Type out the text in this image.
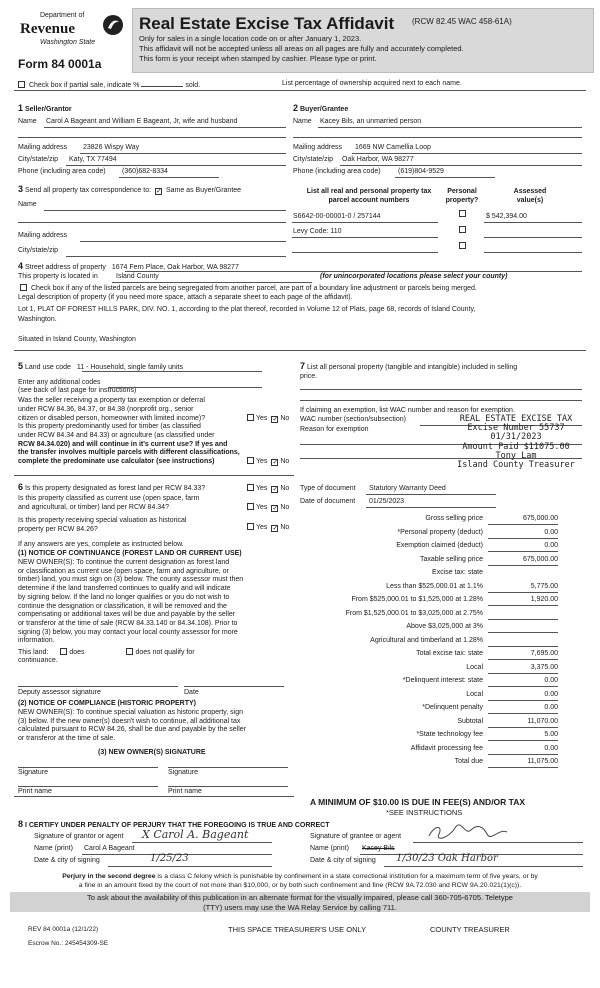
Department of
Revenue
Washington State
Form 84 0001a
Real Estate Excise Tax Affidavit (RCW 82.45 WAC 458-61A)
Only for sales in a single location code on or after January 1, 2023.
This affidavit will not be accepted unless all areas on all pages are fully and accurately completed.
This form is your receipt when stamped by cashier. Please type or print.
Check box if partial sale, indicate %	sold.	List percentage of ownership acquired next to each name.
1 Seller/Grantor
Name Carol A Bageant and William E Bageant, Jr, wife and husband
Mailing address 23826 Wispy Way
City/state/zip Katy, TX 77494
Phone (including area code) (360)682-8334
2 Buyer/Grantee
Name Kacey Bils, an unmarried person
Mailing address 1669 NW Camellia Loop
City/state/zip Oak Harbor, WA 98277
Phone (including area code) (619)804-9529
3 Send all property tax correspondence to: ✓ Same as Buyer/Grantee
Name
Mailing address
City/state/zip
List all real and personal property tax
parcel account numbers
Personal
property?
Assessed
value(s)
S6642-00-00001-0 / 257144	$ 542,394.00
Levy Code: 110
4 Street address of property 1674 Fern Place, Oak Harbor, WA 98277
This property is located in	Island County	(for unincorporated locations please select your county)
Check box if any of the listed parcels are being segregated from another parcel, are part of a boundary line adjustment or parcels being merged.
Legal description of property (if you need more space, attach a separate sheet to each page of the affidavit).
Lot 1, PLAT OF FOREST HILLS PARK, DIV. NO. 1, according to the plat thereof, recorded in Volume 12 of Plats, page 68, records of Island County,
Washington.
Situated in Island County, Washington
5 Land use code 11 - Household, single family units
Enter any additional codes
(see back of last page for instructions)
Was the seller receiving a property tax exemption or deferral
under RCW 84.36, 84.37, or 84.38 (nonprofit org., senior
citizen or disabled person, homeowner with limited income)?	Yes ✓ No
Is this property predominantly used for timber (as classified
under RCW 84.34 and 84.33) or agriculture (as classified under
RCW 84.34.020) and will continue in it's current use? If yes and
the transfer involves multiple parcels with different classifications,
complete the predominate use calculator (see instructions)	Yes ✓ No
6 Is this property designated as forest land per RCW 84.33?	Yes ✓ No
Is this property classified as current use (open space, farm
and agricultural, or timber) land per RCW 84.34?	Yes ✓ No
Is this property receiving special valuation as historical
property per RCW 84.26?	Yes ✓ No
If any answers are yes, complete as instructed below.
(1) NOTICE OF CONTINUANCE (FOREST LAND OR CURRENT USE)
NEW OWNER(S): To continue the current designation as forest land
or classification as current use (open space, farm and agriculture, or
timber) land, you must sign on (3) below. The county assessor must then
determine if the land transferred continues to qualify and will indicate
by signing below. If the land no longer qualifies or you do not wish to
continue the designation or classification, it will be removed and the
compensating or additional taxes will be due and payable by the seller
or transferor at the time of sale (RCW 84.33.140 or 84.34.108). Prior to
signing (3) below, you may contact your local county assessor for more
information.
This land:	does	does not qualify for
continuance.
Deputy assessor signature	Date
(2) NOTICE OF COMPLIANCE (HISTORIC PROPERTY)
NEW OWNER(S): To continue special valuation as historic property, sign
(3) below. If the new owner(s) doesn't wish to continue, all additional tax
calculated pursuant to RCW 84.26, shall be due and payable by the seller
or transferor at the time of sale.
(3) NEW OWNER(S) SIGNATURE
Signature	Signature
Print name	Print name
7 List all personal property (tangible and intangible) included in selling
price.
If claiming an exemption, list WAC number and reason for exemption.
WAC number (section/subsection)
Reason for exemption
REAL ESTATE EXCISE TAX
Excise Number 55737
01/31/2023
Amount Paid $11075.00
Tony Lam
Island County Treasurer
Type of document Statutory Warranty Deed
Date of document 01/25/2023
Gross selling price	675,000.00
*Personal property (deduct)	0.00
Exemption claimed (deduct)	0.00
Taxable selling price	675,000.00
Excise tax: state
Less than $525,000.01 at 1.1%	5,775.00
From $525,000.01 to $1,525,000 at 1.28%	1,920.00
From $1,525,000.01 to $3,025,000 at 2.75%
Above $3,025,000 at 3%
Agricultural and timberland at 1.28%
Total excise tax: state	7,695.00
Local	3,375.00
*Delinquent interest: state	0.00
Local	0.00
*Delinquent penalty	0.00
Subtotal	11,070.00
*State technology fee	5.00
Affidavit processing fee	0.00
Total due	11,075.00
A MINIMUM OF $10.00 IS DUE IN FEE(S) AND/OR TAX
*SEE INSTRUCTIONS
8 I CERTIFY UNDER PENALTY OF PERJURY THAT THE FOREGOING IS TRUE AND CORRECT
Signature of grantor or agent X Carol A. Bageant
Name (print) Carol A Bageant
Date & city of signing	1/25/23
Signature of grantee or agent
Name (print) Kacey Bils
Date & city of signing 1/30/23 Oak Harbor
Perjury in the second degree is a class C felony which is punishable by confinement in a state correctional institution for a maximum term of five years, or by
a fine in an amount fixed by the court of not more than $10,000, or by both such confinement and fine (RCW 9A.72.030 and RCW 9A.20.021(1)(c)).
To ask about the availability of this publication in an alternate format for the visually impaired, please call 360-705-6705. Teletype
(TTY) users may use the WA Relay Service by calling 711.
REV 84 0001a (12/1/22)	THIS SPACE TREASURER'S USE ONLY	COUNTY TREASURER
Escrow No.: 245454309-SE
